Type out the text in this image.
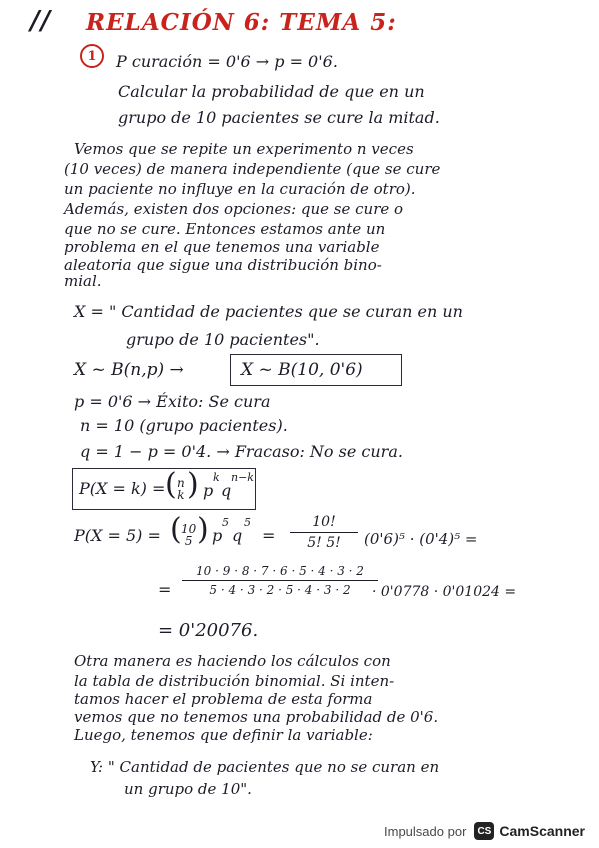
// RELACIÓN 6: TEMA 5:
1 P curación = 0'6 → p = 0'6.
Calcular la probabilidad de que en un
grupo de 10 pacientes se cure la mitad.
Vemos que se repite un experimento n veces
(10 veces) de manera independiente (que se cure
un paciente no influye en la curación de otro).
Además, existen dos opciones: que se cure o
que no se cure. Entonces estamos ante un
problema en el que tenemos una variable
aleatoria que sigue una distribución bino-
mial.
X = " Cantidad de pacientes que se curan en un
grupo de 10 pacientes".
X ~ B(n,p) →	X ~ B(10, 0'6)
p = 0'6 → Éxito: Se cura
n = 10 (grupo pacientes).
q = 1 − p = 0'4. → Fracaso: No se cura.
P(X = k) = ( n
k ) p
k
q
n−k
P(X = 5) = ( 10
5 ) p
5
q
5
=
10!
5! 5! (0'6)⁵ · (0'4)⁵ =
=
10 · 9 · 8 · 7 · 6 · 5 · 4 · 3 · 2
5 · 4 · 3 · 2 · 5 · 4 · 3 · 2 · 0'0778 · 0'01024 =
= 0'20076.
Otra manera es haciendo los cálculos con
la tabla de distribución binomial. Si inten-
tamos hacer el problema de esta forma
vemos que no tenemos una probabilidad de 0'6.
Luego, tenemos que definir la variable:
Y: " Cantidad de pacientes que no se curan en
un grupo de 10".
Impulsado por	CS CamScanner
